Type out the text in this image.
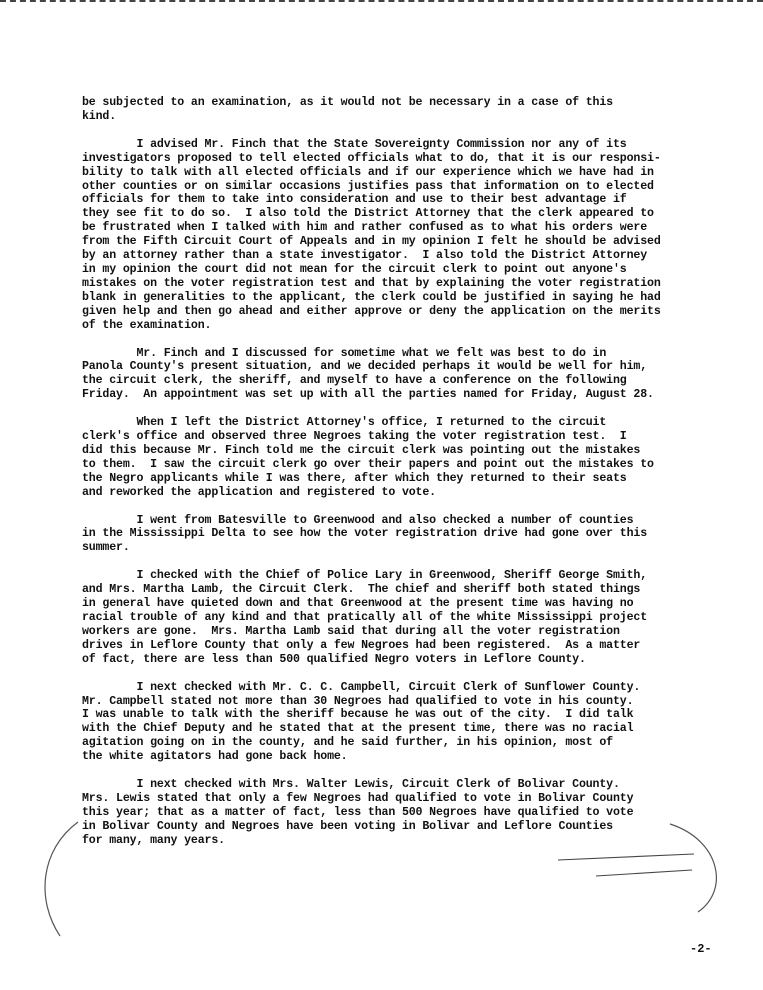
be subjected to an examination, as it would not be necessary in a case of this
kind.
I advised Mr. Finch that the State Sovereignty Commission nor any of its
investigators proposed to tell elected officials what to do, that it is our responsi-
bility to talk with all elected officials and if our experience which we have had in
other counties or on similar occasions justifies pass that information on to elected
officials for them to take into consideration and use to their best advantage if
they see fit to do so.  I also told the District Attorney that the clerk appeared to
be frustrated when I talked with him and rather confused as to what his orders were
from the Fifth Circuit Court of Appeals and in my opinion I felt he should be advised
by an attorney rather than a state investigator.  I also told the District Attorney
in my opinion the court did not mean for the circuit clerk to point out anyone's
mistakes on the voter registration test and that by explaining the voter registration
blank in generalities to the applicant, the clerk could be justified in saying he had
given help and then go ahead and either approve or deny the application on the merits
of the examination.
Mr. Finch and I discussed for sometime what we felt was best to do in
Panola County's present situation, and we decided perhaps it would be well for him,
the circuit clerk, the sheriff, and myself to have a conference on the following
Friday.  An appointment was set up with all the parties named for Friday, August 28.
When I left the District Attorney's office, I returned to the circuit
clerk's office and observed three Negroes taking the voter registration test.  I
did this because Mr. Finch told me the circuit clerk was pointing out the mistakes
to them.  I saw the circuit clerk go over their papers and point out the mistakes to
the Negro applicants while I was there, after which they returned to their seats
and reworked the application and registered to vote.
I went from Batesville to Greenwood and also checked a number of counties
in the Mississippi Delta to see how the voter registration drive had gone over this
summer.
I checked with the Chief of Police Lary in Greenwood, Sheriff George Smith,
and Mrs. Martha Lamb, the Circuit Clerk.  The chief and sheriff both stated things
in general have quieted down and that Greenwood at the present time was having no
racial trouble of any kind and that pratically all of the white Mississippi project
workers are gone.  Mrs. Martha Lamb said that during all the voter registration
drives in Leflore County that only a few Negroes had been registered.  As a matter
of fact, there are less than 500 qualified Negro voters in Leflore County.
I next checked with Mr. C. C. Campbell, Circuit Clerk of Sunflower County.
Mr. Campbell stated not more than 30 Negroes had qualified to vote in his county.
I was unable to talk with the sheriff because he was out of the city.  I did talk
with the Chief Deputy and he stated that at the present time, there was no racial
agitation going on in the county, and he said further, in his opinion, most of
the white agitators had gone back home.
I next checked with Mrs. Walter Lewis, Circuit Clerk of Bolivar County.
Mrs. Lewis stated that only a few Negroes had qualified to vote in Bolivar County
this year; that as a matter of fact, less than 500 Negroes have qualified to vote
in Bolivar County and Negroes have been voting in Bolivar and Leflore Counties
for many, many years.
-2-
